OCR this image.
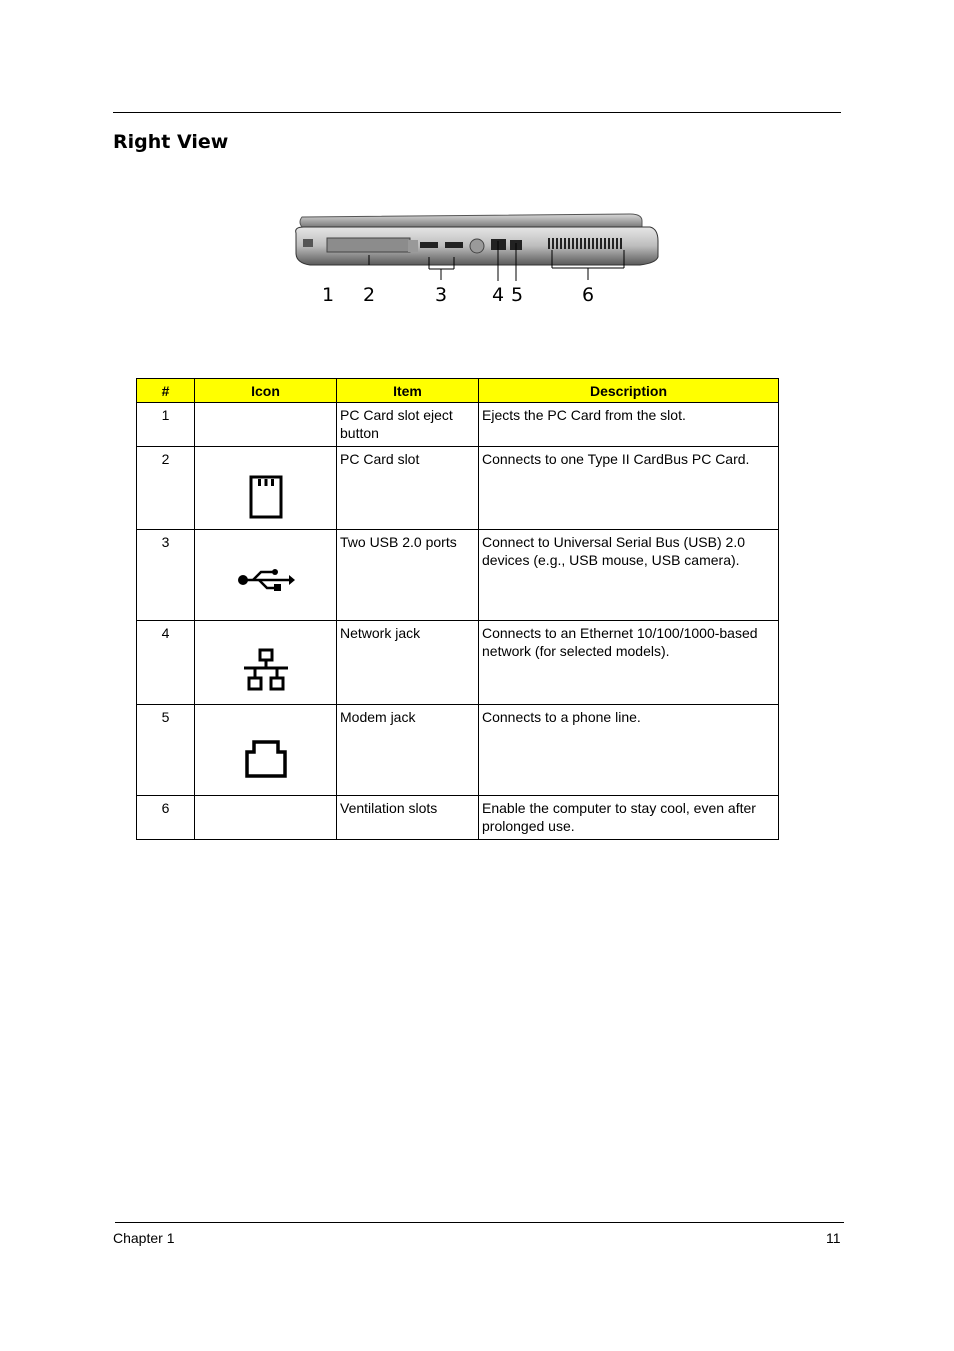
Right View
1 2	3 4 5	6
#	Icon	Item	Description
1		PC Card slot eject button	Ejects the PC Card from the slot.
2		PC Card slot	Connects to one Type II CardBus PC Card.
3		Two USB 2.0 ports	Connect to Universal Serial Bus (USB) 2.0 devices (e.g., USB mouse, USB camera).
4		Network jack	Connects to an Ethernet 10/100/1000-based network (for selected models).
5		Modem jack	Connects to a phone line.
6		Ventilation slots	Enable the computer to stay cool, even after prolonged use.
Chapter 1	11
